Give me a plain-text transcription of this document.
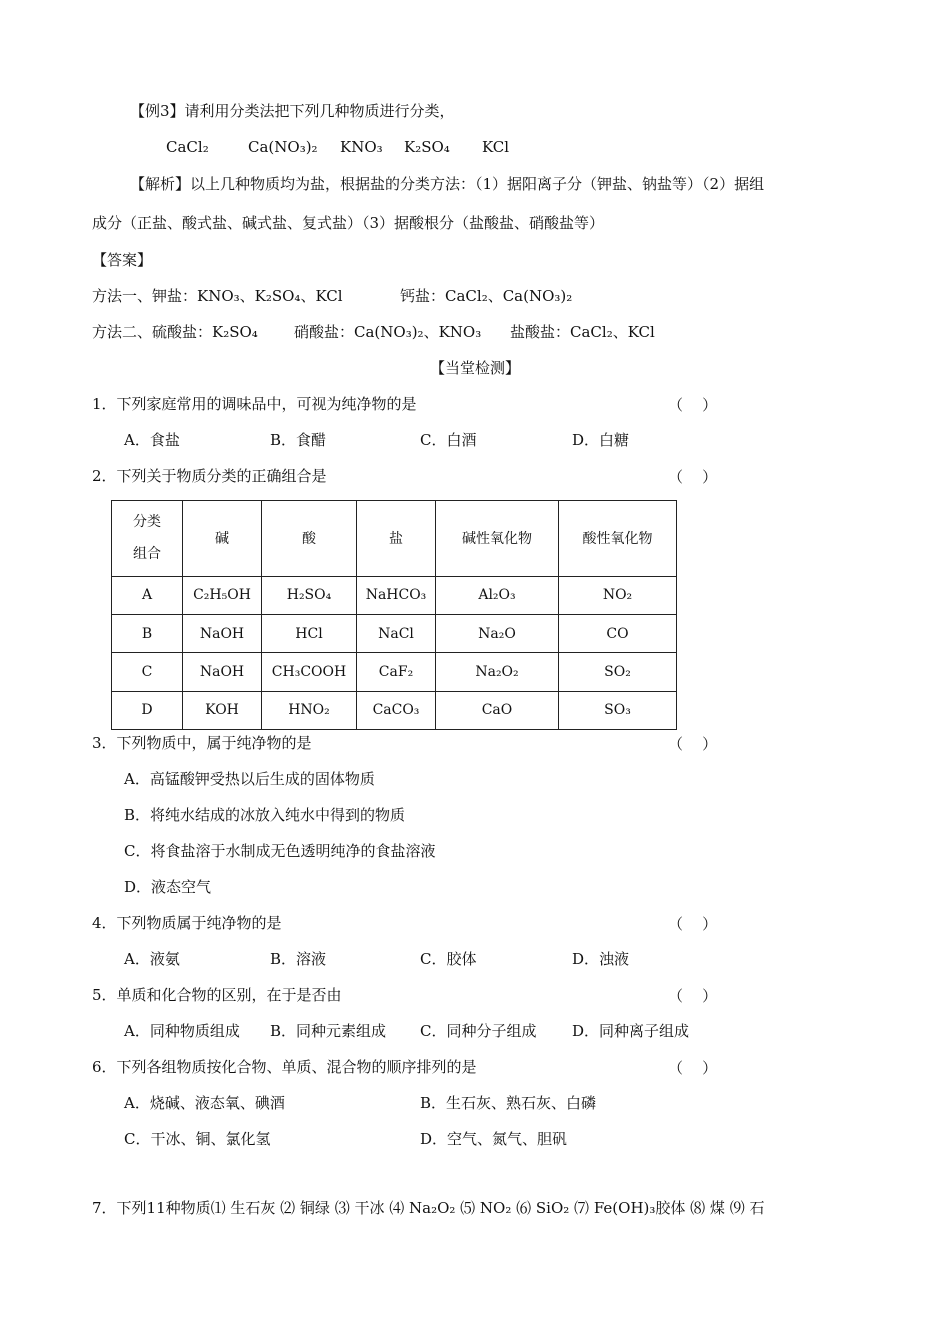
【例3】请利用分类法把下列几种物质进行分类，
CaCl₂	Ca(NO₃)₂ KNO₃ K₂SO₄ KCl
【解析】以上几种物质均为盐，根据盐的分类方法：（1）据阳离子分（钾盐、钠盐等）（2）据组
成分（正盐、酸式盐、碱式盐、复式盐）（3）据酸根分（盐酸盐、硝酸盐等）
【答案】
方法一、钾盐：KNO₃、K₂SO₄、KCl	钙盐：CaCl₂、Ca(NO₃)₂
方法二、硫酸盐：K₂SO₄ 硝酸盐：Ca(NO₃)₂、KNO₃ 盐酸盐：CaCl₂、KCl
【当堂检测】
1．下列家庭常用的调味品中，可视为纯净物的是	（    ）
A．食盐	B．食醋	C．白酒	D．白糖
2．下列关于物质分类的正确组合是	（    ）
分类
组合	碱	酸	盐	碱性氧化物	酸性氧化物
A	C₂H₅OH	H₂SO₄	NaHCO₃	Al₂O₃	NO₂
B	NaOH	HCl	NaCl	Na₂O	CO
C	NaOH	CH₃COOH	CaF₂	Na₂O₂	SO₂
D	KOH	HNO₂	CaCO₃	CaO	SO₃
3．下列物质中，属于纯净物的是	（    ）
A．高锰酸钾受热以后生成的固体物质
B．将纯水结成的冰放入纯水中得到的物质
C．将食盐溶于水制成无色透明纯净的食盐溶液
D．液态空气
4．下列物质属于纯净物的是	（    ）
A．液氨	B．溶液	C．胶体	D．浊液
5．单质和化合物的区别，在于是否由	（    ）
A．同种物质组成 B．同种元素组成 C．同种分子组成 D．同种离子组成
6．下列各组物质按化合物、单质、混合物的顺序排列的是	（    ）
A．烧碱、液态氧、碘酒	B．生石灰、熟石灰、白磷
C．干冰、铜、氯化氢	D．空气、氮气、胆矾
7．下列11种物质⑴ 生石灰 ⑵ 铜绿 ⑶ 干冰 ⑷ Na₂O₂ ⑸ NO₂ ⑹ SiO₂ ⑺ Fe(OH)₃胶体 ⑻ 煤 ⑼ 石
